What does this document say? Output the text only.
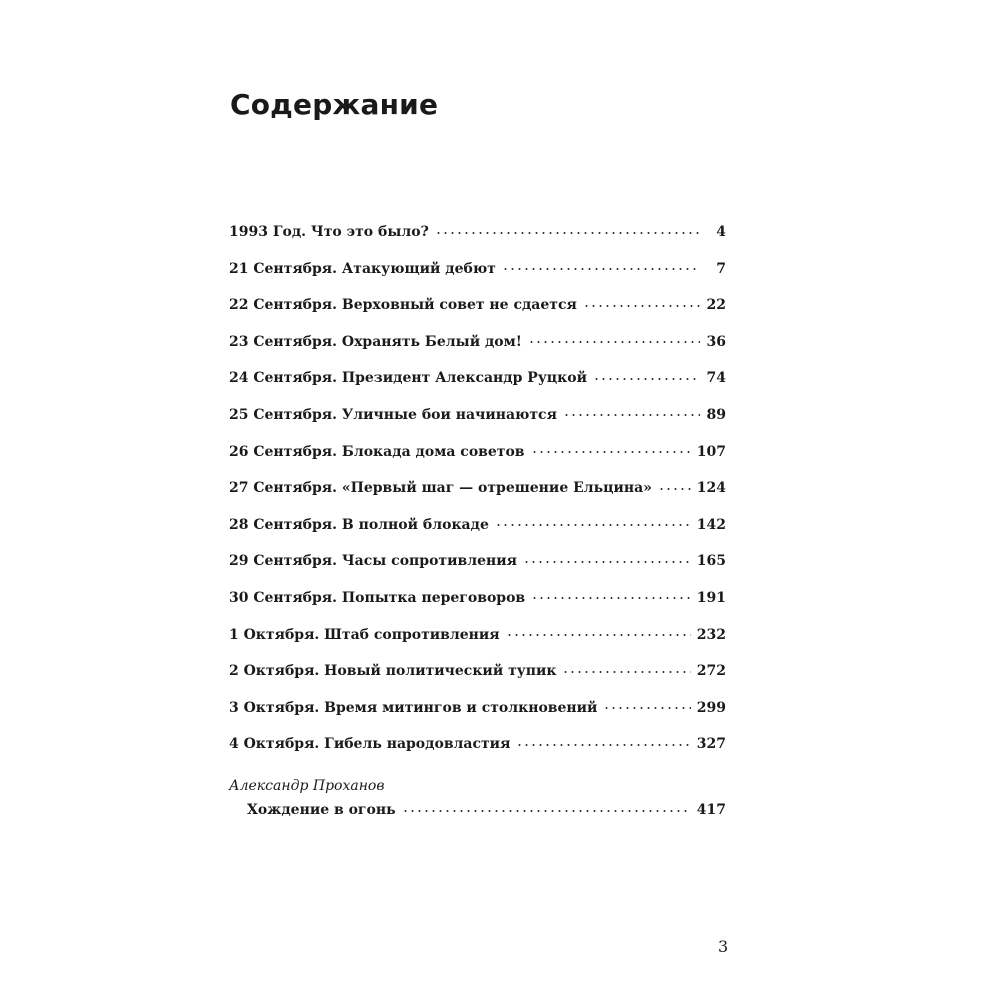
Содержание
1993 Год. Что это было?	4
21 Сентября. Атакующий дебют	7
22 Сентября. Верховный совет не сдается	22
23 Сентября. Охранять Белый дом!	36
24 Сентября. Президент Александр Руцкой	74
25 Сентября. Уличные бои начинаются	89
26 Сентября. Блокада дома советов	107
27 Сентября. «Первый шаг — отрешение Ельцина»	124
28 Сентября. В полной блокаде	142
29 Сентября. Часы сопротивления	165
30 Сентября. Попытка переговоров	191
1 Октября. Штаб сопротивления	232
2 Октября. Новый политический тупик	272
3 Октября. Время митингов и столкновений	299
4 Октября. Гибель народовластия	327
Александр Проханов
Хождение в огонь	417
3
